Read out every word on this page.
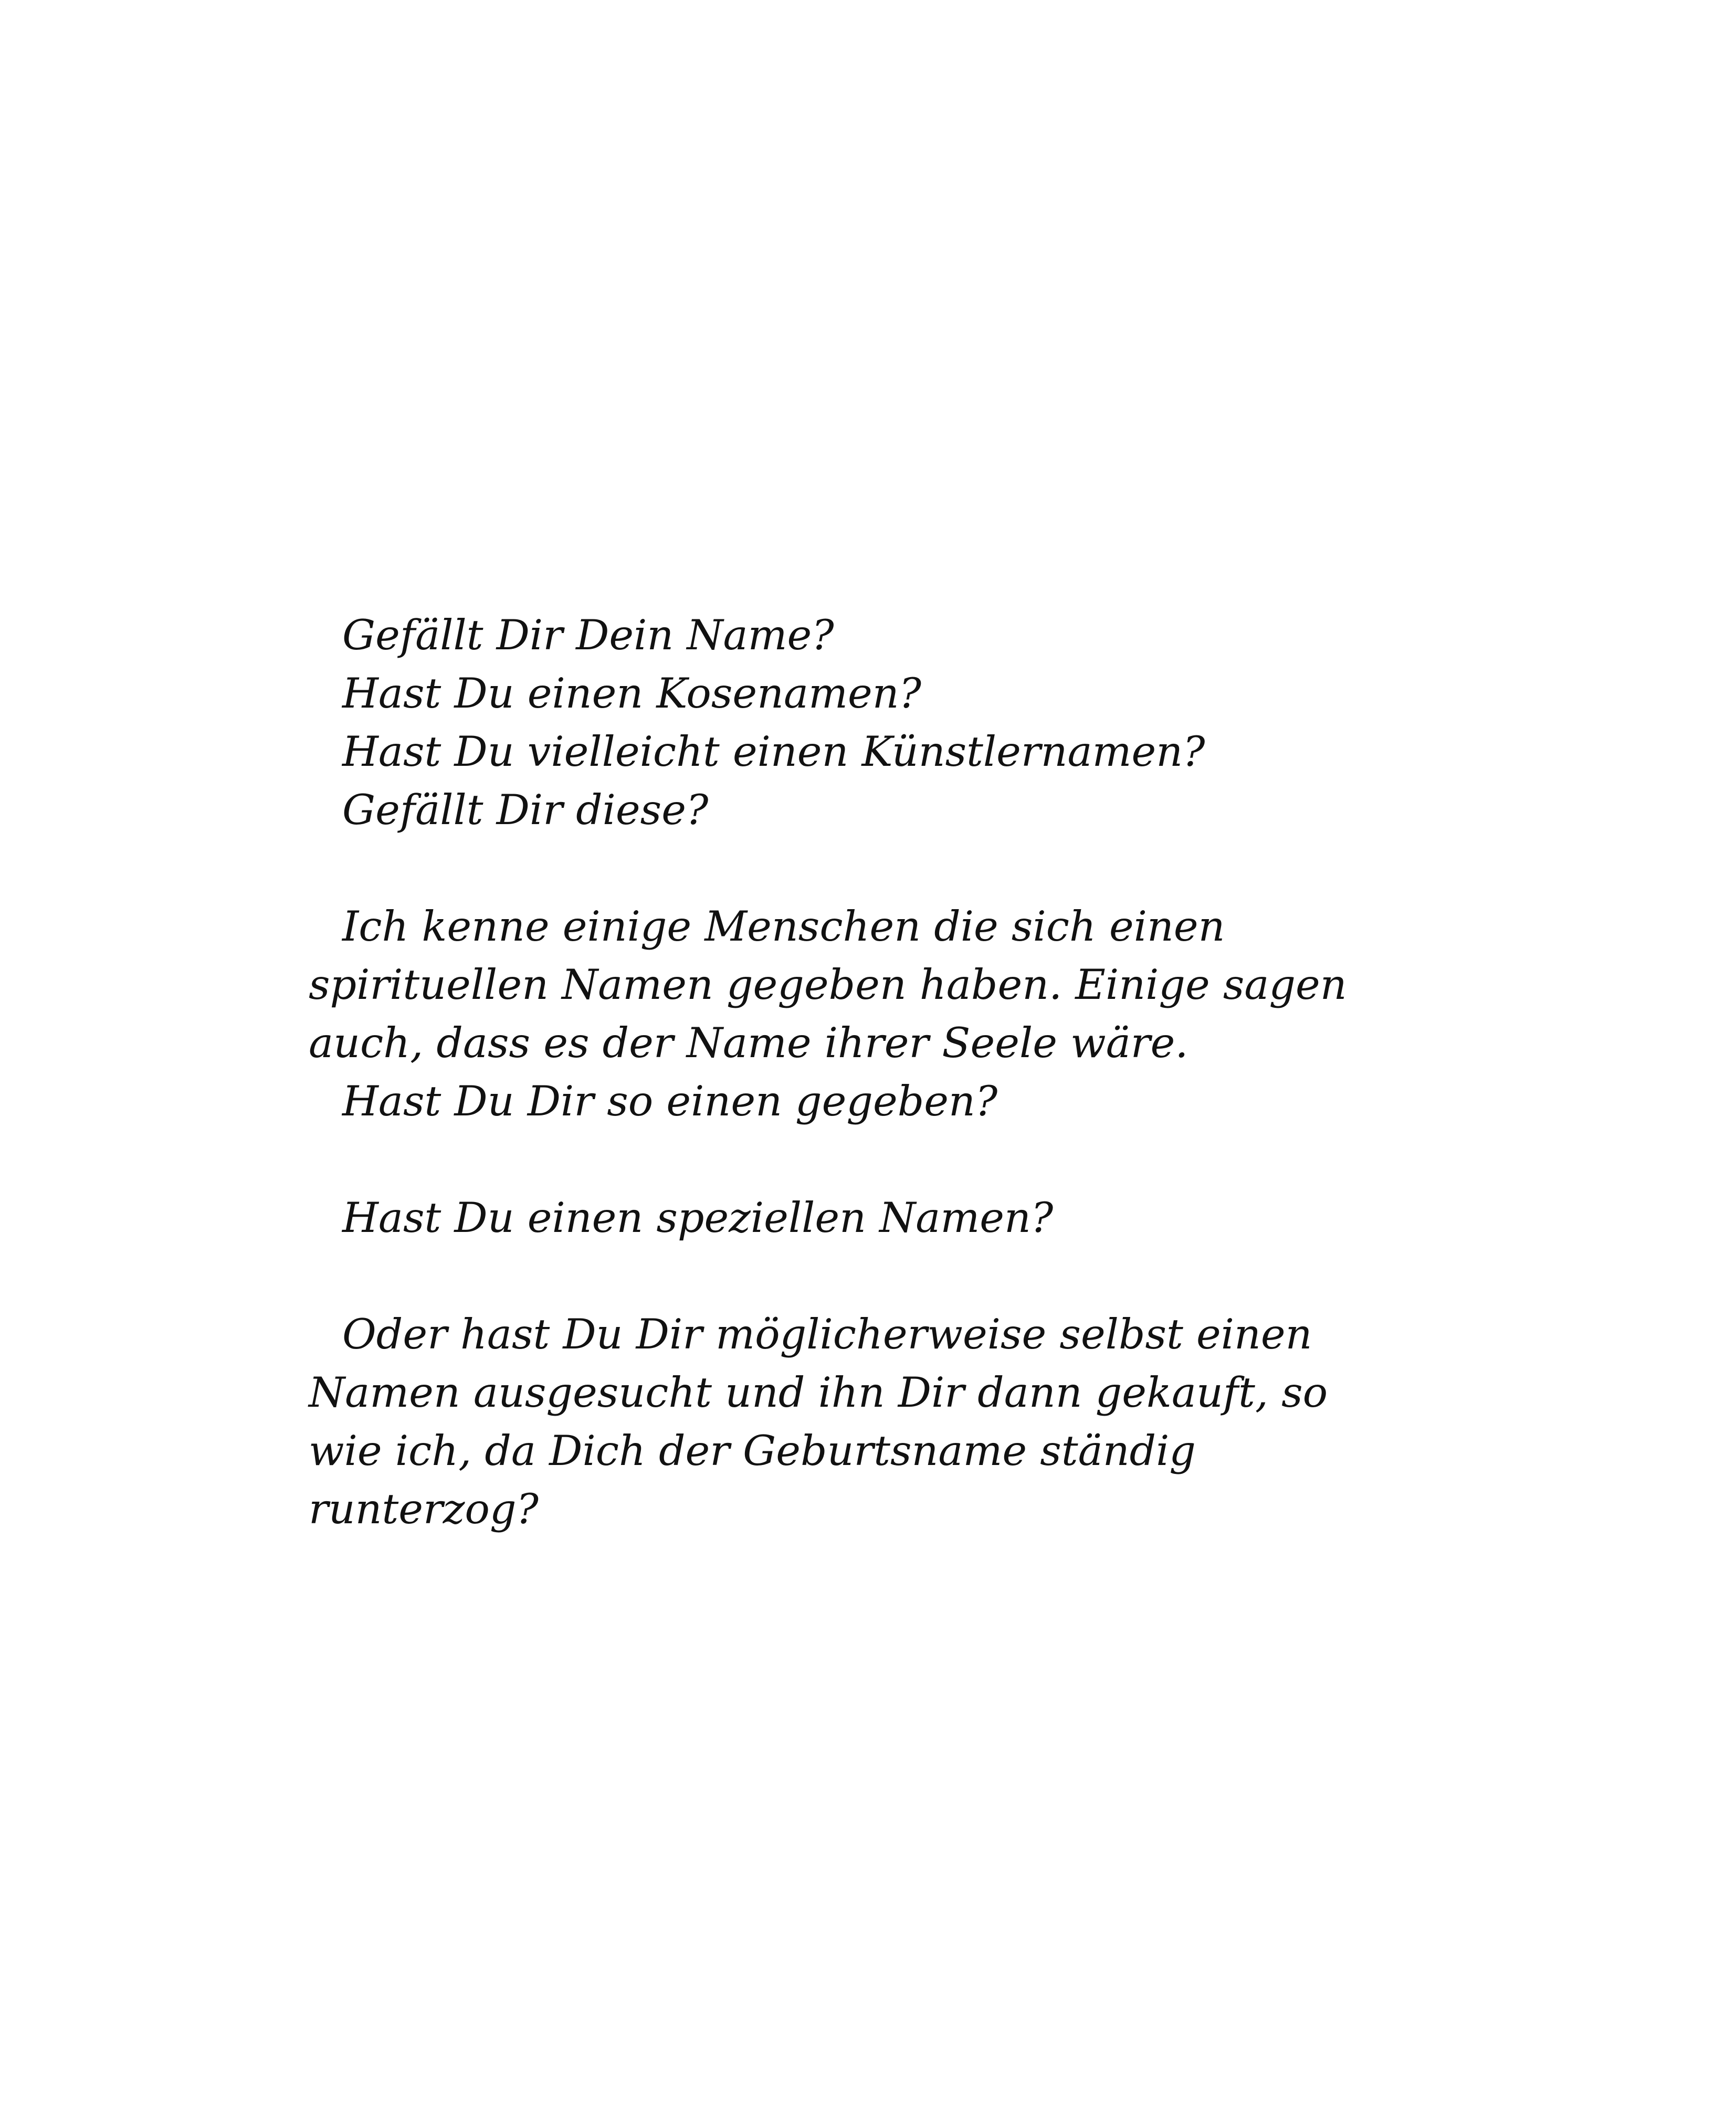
Gefällt Dir Dein Name?
Hast Du einen Kosenamen?
Hast Du vielleicht einen Künstlernamen?
Gefällt Dir diese?

Ich kenne einige Menschen die sich einen
spirituellen Namen gegeben haben. Einige sagen
auch, dass es der Name ihrer Seele wäre.
Hast Du Dir so einen gegeben?

Hast Du einen speziellen Namen?

Oder hast Du Dir möglicherweise selbst einen
Namen ausgesucht und ihn Dir dann gekauft, so
wie ich, da Dich der Geburtsname ständig
runterzog?
